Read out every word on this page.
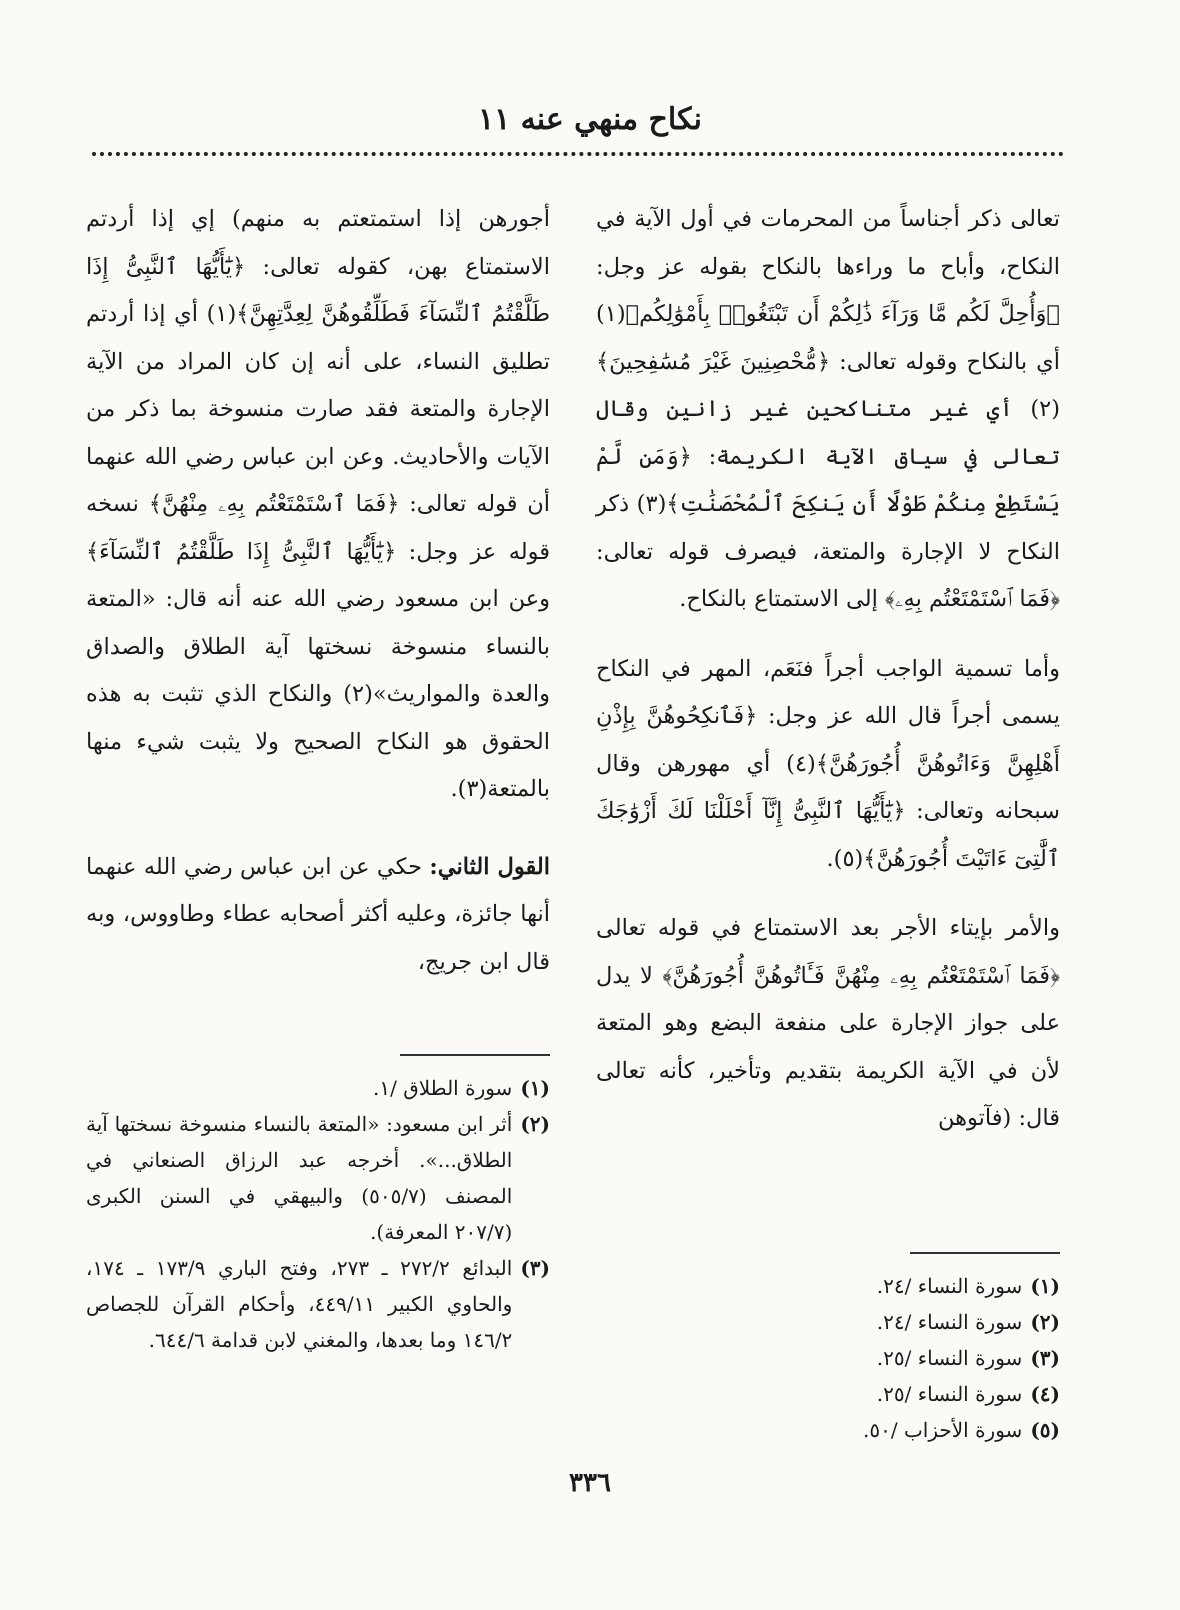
نكاح منهي عنه ١١

تعالى ذكر أجناساً من المحرمات في أول الآية في النكاح، وأباح ما وراءها بالنكاح بقوله عز وجل: ﴿وَأُحِلَّ لَكُم مَّا وَرَآءَ ذَٰلِكُمْ أَن تَبْتَغُوا۟ بِأَمْوَٰلِكُم﴾(١) أي بالنكاح وقوله تعالى: ﴿مُّحْصِنِينَ غَيْرَ مُسَٰفِحِينَ﴾(٢) أي غير متناكحين غير زانين وقال تعالى في سياق الآية الكريمة: ﴿وَمَن لَّمْ يَسْتَطِعْ مِنكُمْ طَوْلًا أَن يَنكِحَ ٱلْمُحْصَنَٰتِ﴾(٣) ذكر النكاح لا الإجارة والمتعة، فيصرف قوله تعالى: ﴿فَمَا ٱسْتَمْتَعْتُم بِهِۦ﴾ إلى الاستمتاع بالنكاح.

وأما تسمية الواجب أجراً فنَعَم، المهر في النكاح يسمى أجراً قال الله عز وجل: ﴿فَٱنكِحُوهُنَّ بِإِذْنِ أَهْلِهِنَّ وَءَاتُوهُنَّ أُجُورَهُنَّ﴾(٤) أي مهورهن وقال سبحانه وتعالى: ﴿يَٰٓأَيُّهَا ٱلنَّبِىُّ إِنَّآ أَحْلَلْنَا لَكَ أَزْوَٰجَكَ ٱلَّٰتِىٓ ءَاتَيْتَ أُجُورَهُنَّ﴾(٥).

والأمر بإيتاء الأجر بعد الاستمتاع في قوله تعالى ﴿فَمَا ٱسْتَمْتَعْتُم بِهِۦ مِنْهُنَّ فَـَٔاتُوهُنَّ أُجُورَهُنَّ﴾ لا يدل على جواز الإجارة على منفعة البضع وهو المتعة لأن في الآية الكريمة بتقديم وتأخير، كأنه تعالى قال: (فآتوهن

(١)
سورة النساء /٢٤.
(٢)
سورة النساء /٢٤.
(٣)
سورة النساء /٢٥.
(٤)
سورة النساء /٢٥.
(٥)
سورة الأحزاب /٥٠.

أجورهن إذا استمتعتم به منهم) إي إذا أردتم الاستمتاع بهن، كقوله تعالى: ﴿يَٰٓأَيُّهَا ٱلنَّبِىُّ إِذَا طَلَّقْتُمُ ٱلنِّسَآءَ فَطَلِّقُوهُنَّ لِعِدَّتِهِنَّ﴾(١) أي إذا أردتم تطليق النساء، على أنه إن كان المراد من الآية الإجارة والمتعة فقد صارت منسوخة بما ذكر من الآيات والأحاديث. وعن ابن عباس رضي الله عنهما أن قوله تعالى: ﴿فَمَا ٱسْتَمْتَعْتُم بِهِۦ مِنْهُنَّ﴾ نسخه قوله عز وجل: ﴿يَٰٓأَيُّهَا ٱلنَّبِىُّ إِذَا طَلَّقْتُمُ ٱلنِّسَآءَ﴾ وعن ابن مسعود رضي الله عنه أنه قال: «المتعة بالنساء منسوخة نسختها آية الطلاق والصداق والعدة والمواريث»(٢) والنكاح الذي تثبت به هذه الحقوق هو النكاح الصحيح ولا يثبت شيء منها بالمتعة(٣).

القول الثاني: حكي عن ابن عباس رضي الله عنهما أنها جائزة، وعليه أكثر أصحابه عطاء وطاووس، وبه قال ابن جريج،

(١)
سورة الطلاق /١.
(٢)
أثر ابن مسعود: «المتعة بالنساء منسوخة نسختها آية الطلاق...». أخرجه عبد الرزاق الصنعاني في المصنف (٥٠٥/٧) والبيهقي في السنن الكبرى (٢٠٧/٧ المعرفة).
(٣)
البدائع ٢٧٢/٢ ـ ٢٧٣، وفتح الباري ١٧٣/٩ ـ ١٧٤، والحاوي الكبير ٤٤٩/١١، وأحكام القرآن للجصاص ١٤٦/٢ وما بعدها، والمغني لابن قدامة ٦٤٤/٦.
٣٣٦
